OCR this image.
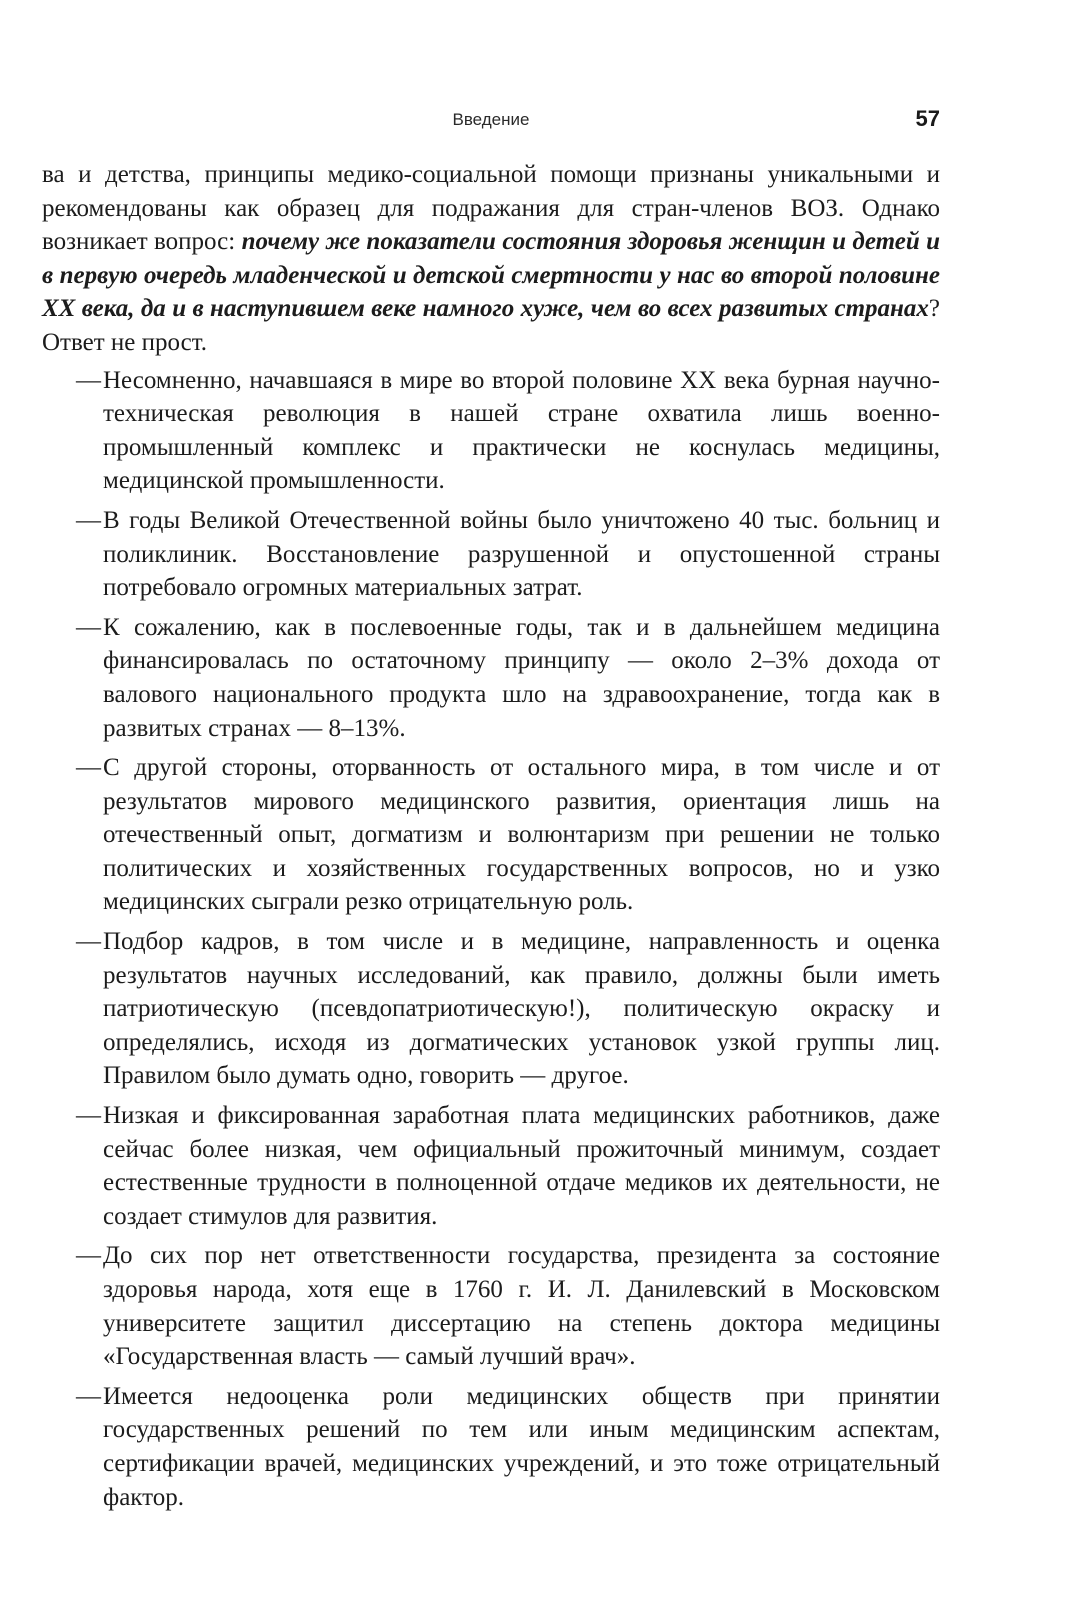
Введение	57

ва и детства, принципы медико-социальной помощи признаны уникальными и рекомендованы как образец для подражания для стран-членов ВОЗ. Однако возникает вопрос: почему же показатели состояния здоровья женщин и детей и в первую очередь младенческой и детской смертности у нас во второй половине XX века, да и в наступившем веке намного хуже, чем во всех развитых странах? Ответ не прост.

— Несомненно, начавшаяся в мире во второй половине XX века бурная научно-техническая революция в нашей стране охватила лишь военно-промышленный комплекс и практически не коснулась медицины, медицинской промышленности.
— В годы Великой Отечественной войны было уничтожено 40 тыс. больниц и поликлиник. Восстановление разрушенной и опустошенной страны потребовало огромных материальных затрат.
— К сожалению, как в послевоенные годы, так и в дальнейшем медицина финансировалась по остаточному принципу — около 2–3% дохода от валового национального продукта шло на здравоохранение, тогда как в развитых странах — 8–13%.
— С другой стороны, оторванность от остального мира, в том числе и от результатов мирового медицинского развития, ориентация лишь на отечественный опыт, догматизм и волюнтаризм при решении не только политических и хозяйственных государственных вопросов, но и узко медицинских сыграли резко отрицательную роль.
— Подбор кадров, в том числе и в медицине, направленность и оценка результатов научных исследований, как правило, должны были иметь патриотическую (псевдопатриотическую!), политическую окраску и определялись, исходя из догматических установок узкой группы лиц. Правилом было думать одно, говорить — другое.
— Низкая и фиксированная заработная плата медицинских работников, даже сейчас более низкая, чем официальный прожиточный минимум, создает естественные трудности в полноценной отдаче медиков их деятельности, не создает стимулов для развития.
— До сих пор нет ответственности государства, президента за состояние здоровья народа, хотя еще в 1760 г. И. Л. Данилевский в Московском университете защитил диссертацию на степень доктора медицины «Государственная власть — самый лучший врач».
— Имеется недооценка роли медицинских обществ при принятии государственных решений по тем или иным медицинским аспектам, сертификации врачей, медицинских учреждений, и это тоже отрицательный фактор.
